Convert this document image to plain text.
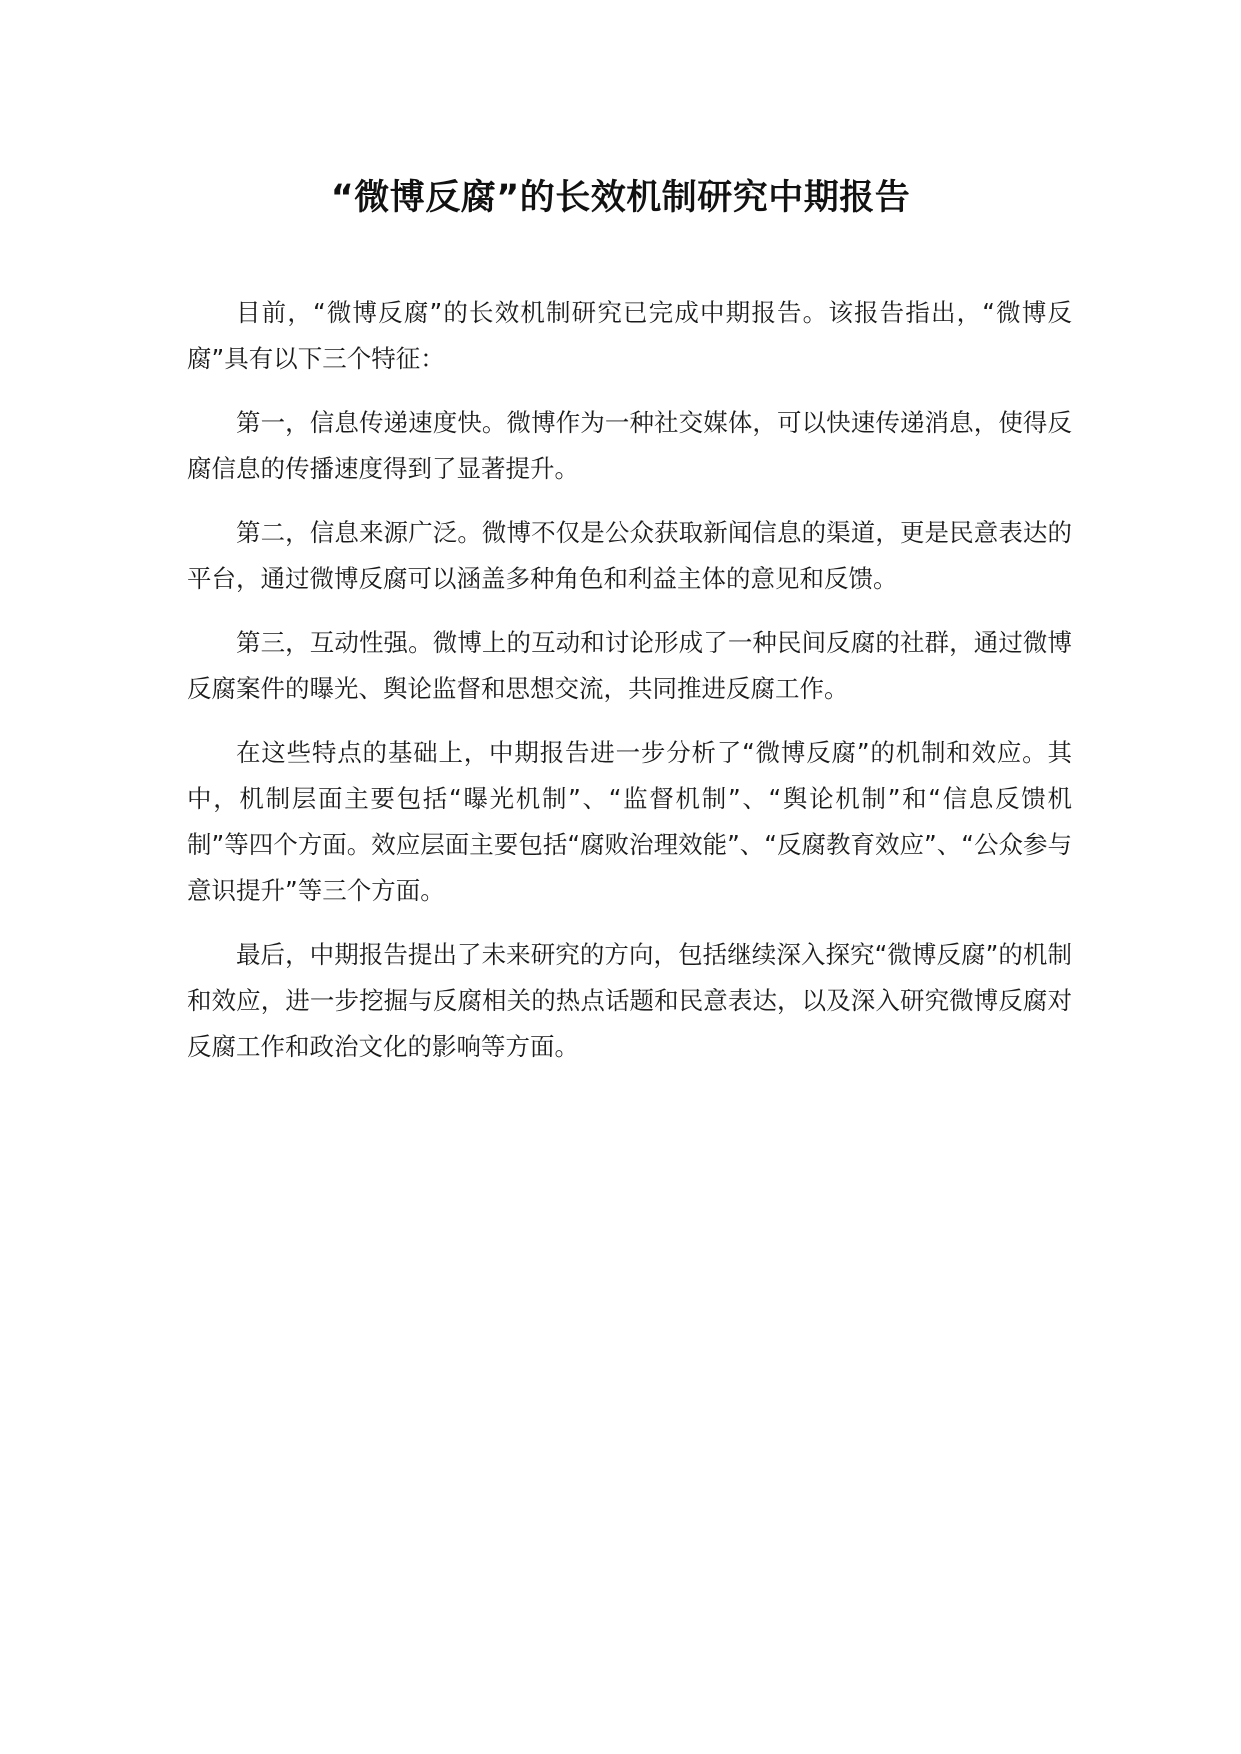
“微博反腐”的长效机制研究中期报告

目前，“微博反腐”的长效机制研究已完成中期报告。该报告指出，“微博反腐”具有以下三个特征：

第一，信息传递速度快。微博作为一种社交媒体，可以快速传递消息，使得反腐信息的传播速度得到了显著提升。

第二，信息来源广泛。微博不仅是公众获取新闻信息的渠道，更是民意表达的平台，通过微博反腐可以涵盖多种角色和利益主体的意见和反馈。

第三，互动性强。微博上的互动和讨论形成了一种民间反腐的社群，通过微博反腐案件的曝光、舆论监督和思想交流，共同推进反腐工作。

在这些特点的基础上，中期报告进一步分析了“微博反腐”的机制和效应。其中，机制层面主要包括“曝光机制”、“监督机制”、“舆论机制”和“信息反馈机制”等四个方面。效应层面主要包括“腐败治理效能”、“反腐教育效应”、“公众参与意识提升”等三个方面。

最后，中期报告提出了未来研究的方向，包括继续深入探究“微博反腐”的机制和效应，进一步挖掘与反腐相关的热点话题和民意表达，以及深入研究微博反腐对反腐工作和政治文化的影响等方面。
